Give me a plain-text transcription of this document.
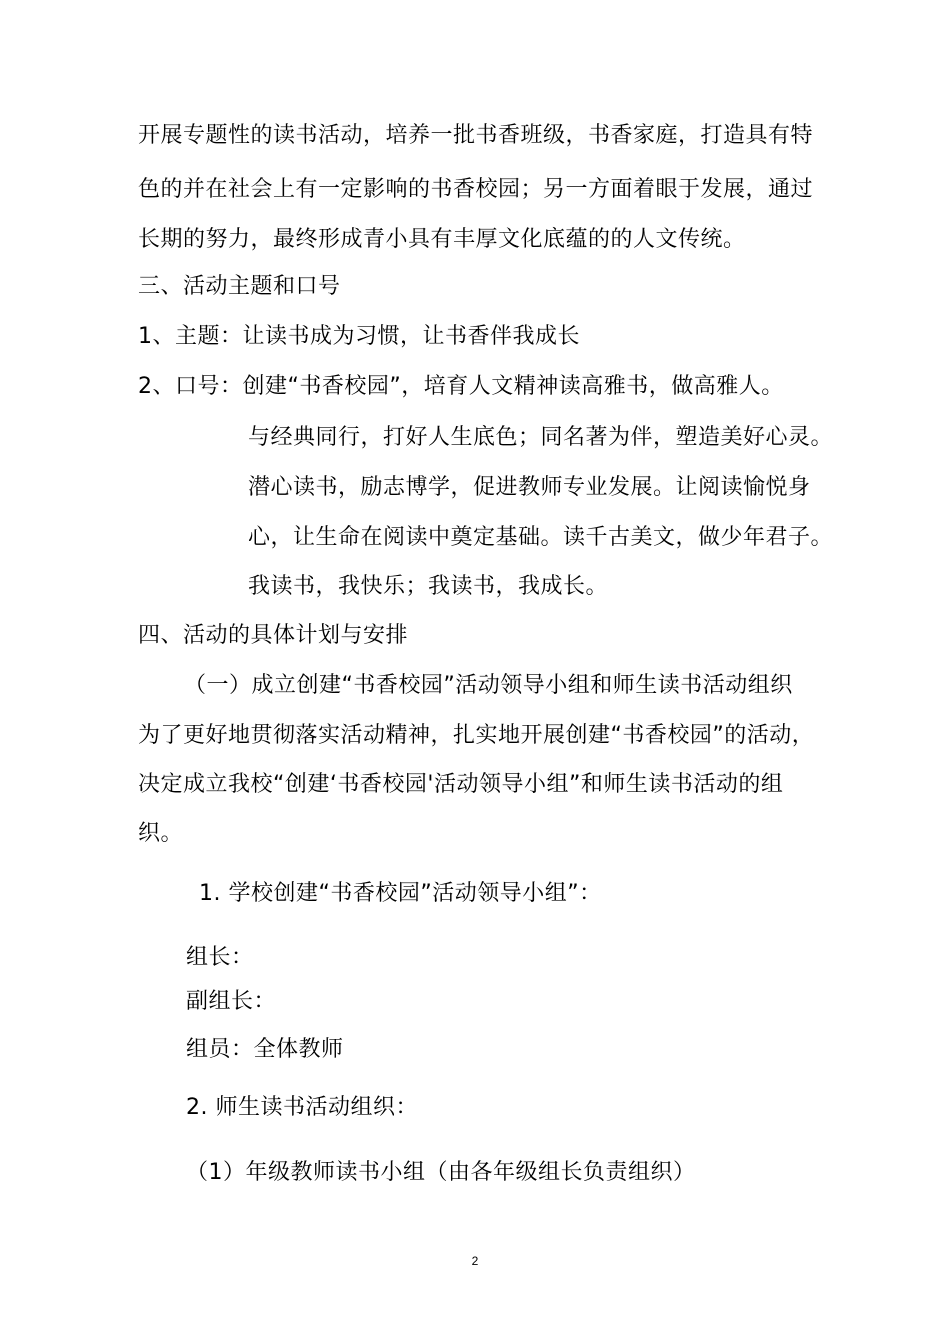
开展专题性的读书活动，培养一批书香班级，书香家庭，打造具有特
色的并在社会上有一定影响的书香校园；另一方面着眼于发展，通过
长期的努力，最终形成青小具有丰厚文化底蕴的的人文传统。
三、活动主题和口号
1、主题：让读书成为习惯，让书香伴我成长
2、口号：创建“书香校园”，培育人文精神读高雅书，做高雅人。
与经典同行，打好人生底色；同名著为伴，塑造美好心灵。
潜心读书，励志博学，促进教师专业发展。让阅读愉悦身
心，让生命在阅读中奠定基础。读千古美文，做少年君子。
我读书，我快乐；我读书，我成长。
四、活动的具体计划与安排
（一）成立创建“书香校园”活动领导小组和师生读书活动组织
为了更好地贯彻落实活动精神，扎实地开展创建“书香校园”的活动，
决定成立我校“创建‘书香校园'活动领导小组”和师生读书活动的组
织。
1. 学校创建“书香校园”活动领导小组”：
组长：
副组长：
组员：全体教师
2. 师生读书活动组织：
（1）年级教师读书小组（由各年级组长负责组织）
2
